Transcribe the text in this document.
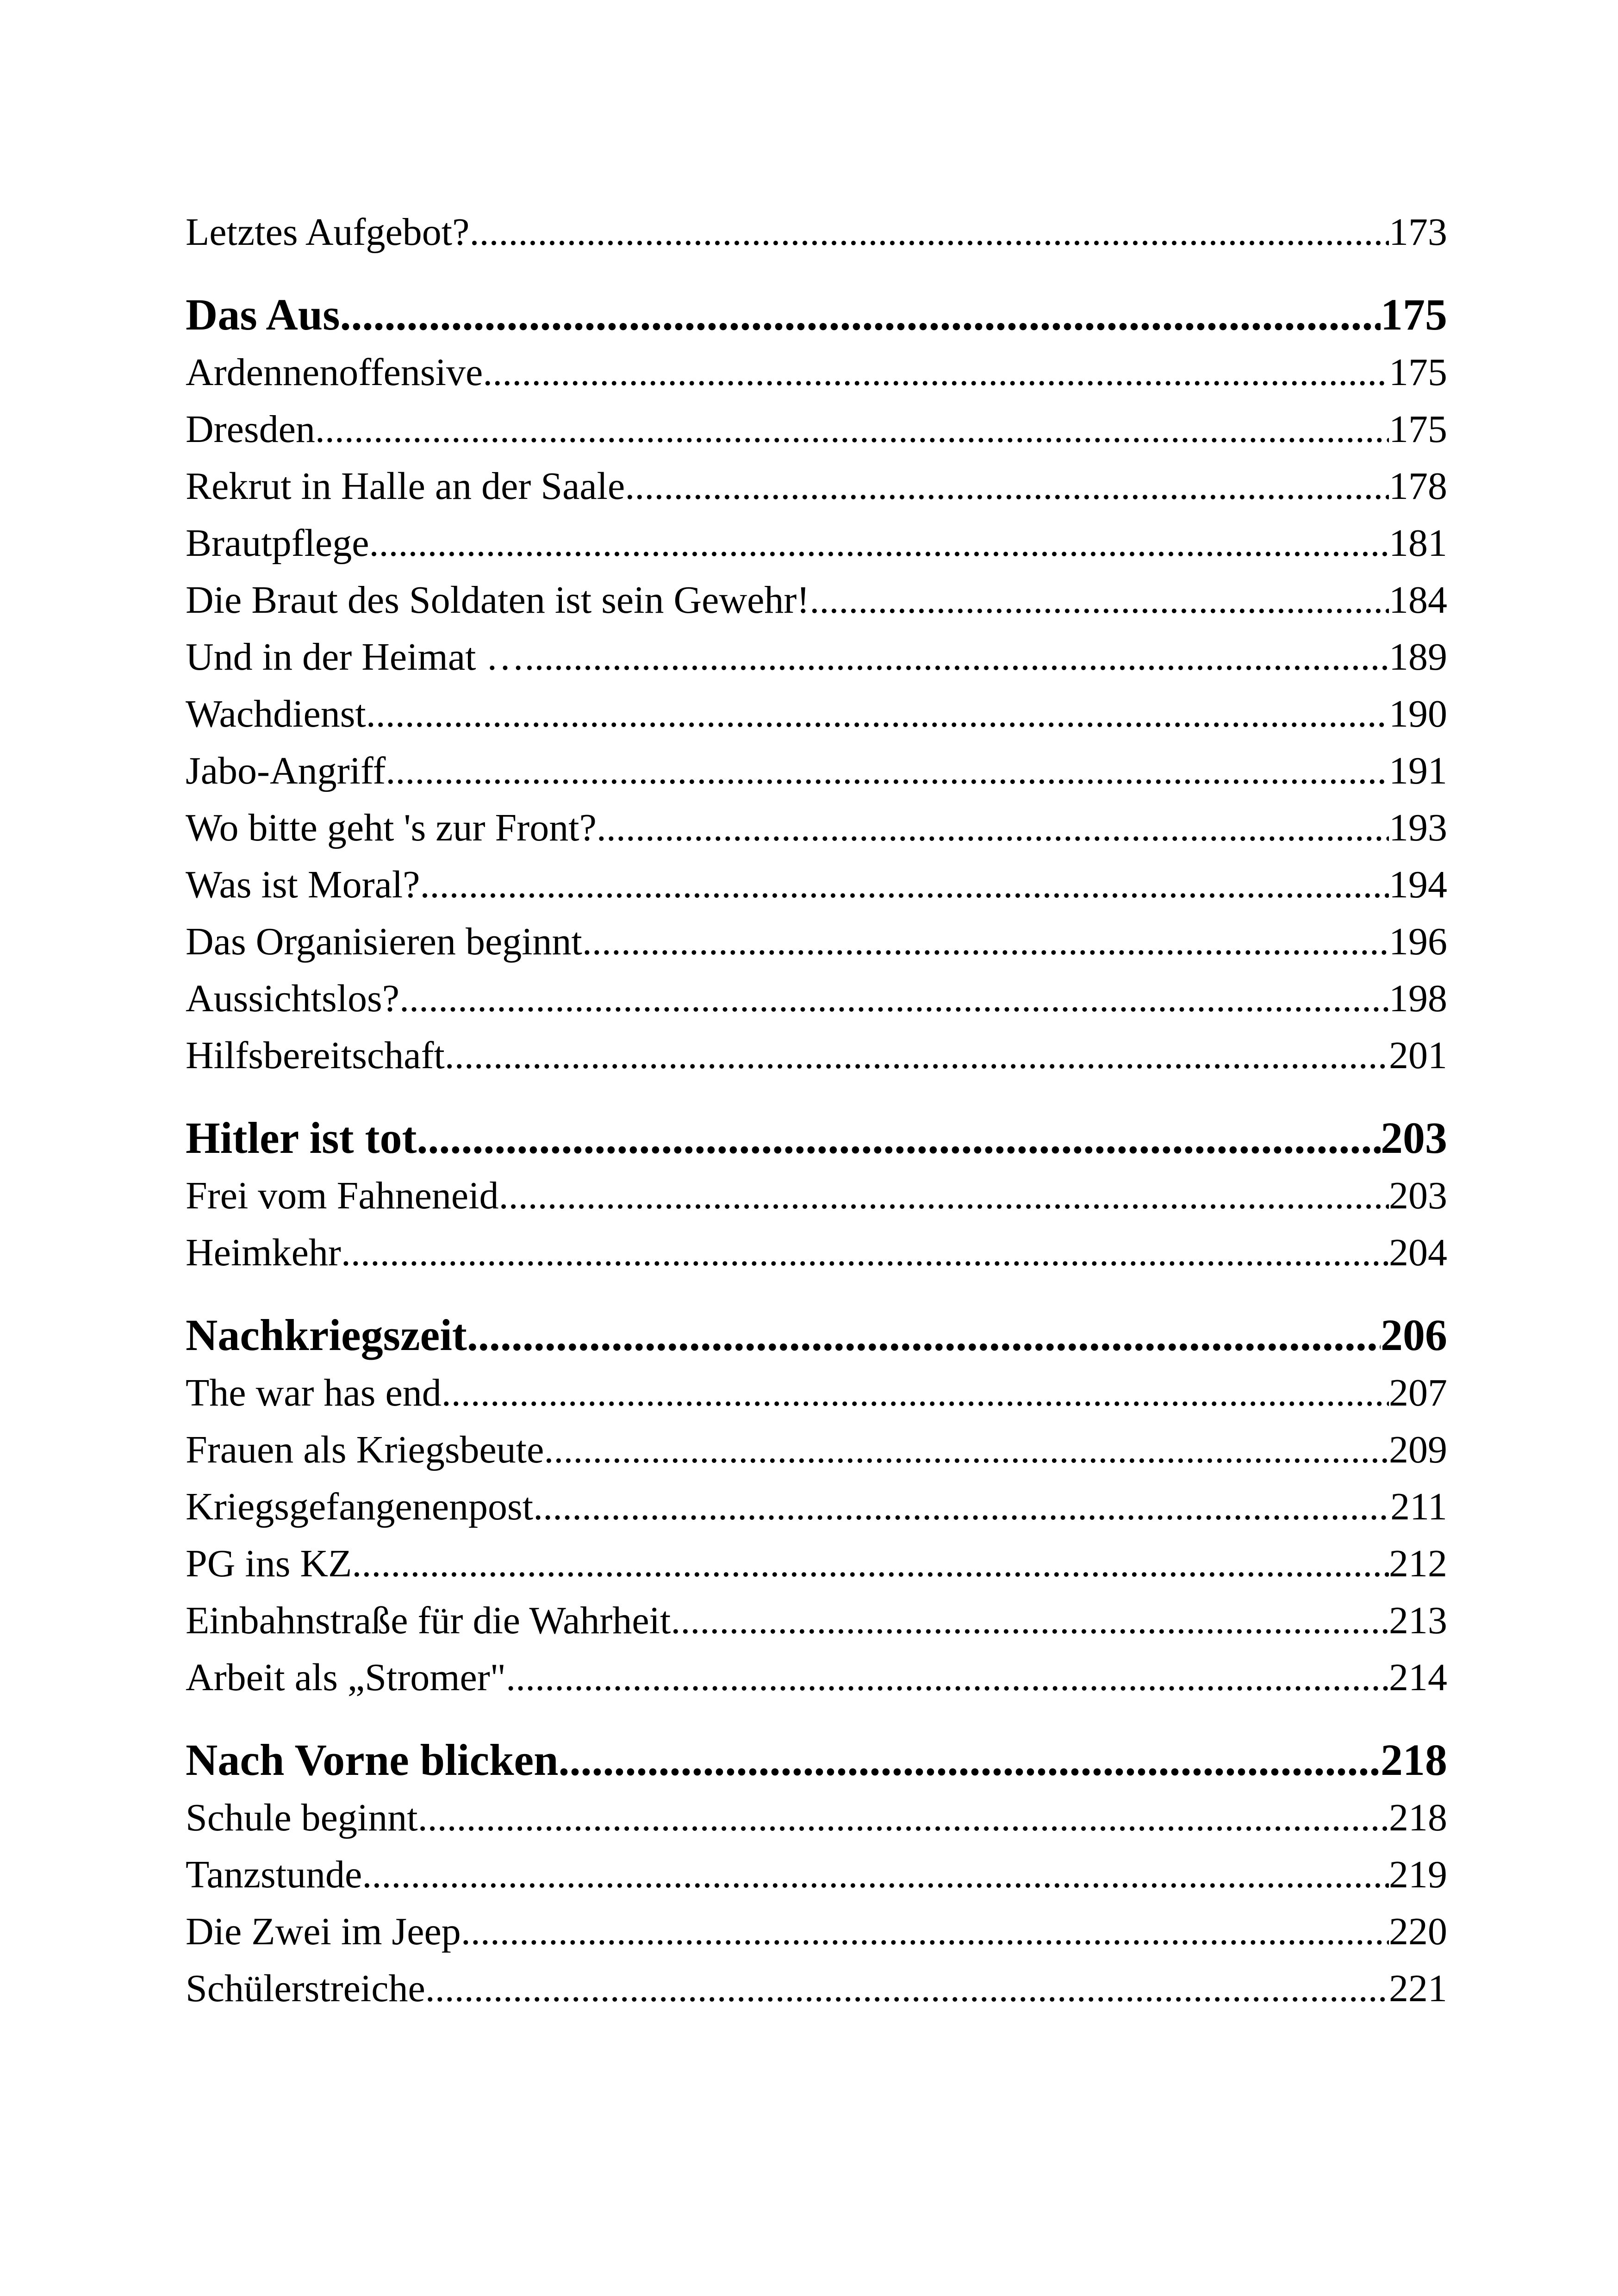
Letztes Aufgebot? .....	173
Das Aus .....	175
Ardennenoffensive .....	175
Dresden .....	175
Rekrut in Halle an der Saale .....	178
Brautpflege .....	181
Die Braut des Soldaten ist sein Gewehr! .....	184
Und in der Heimat … .....	189
Wachdienst .....	190
Jabo-Angriff .....	191
Wo bitte geht 's zur Front? .....	193
Was ist Moral? .....	194
Das Organisieren beginnt .....	196
Aussichtslos? .....	198
Hilfsbereitschaft .....	201
Hitler ist tot .....	203
Frei vom Fahneneid .....	203
Heimkehr .....	204
Nachkriegszeit .....	206
The war has end .....	207
Frauen als Kriegsbeute .....	209
Kriegsgefangenenpost .....	211
PG ins KZ .....	212
Einbahnstraße für die Wahrheit .....	213
Arbeit als „Stromer" .....	214
Nach Vorne blicken .....	218
Schule beginnt .....	218
Tanzstunde .....	219
Die Zwei im Jeep .....	220
Schülerstreiche .....	221
